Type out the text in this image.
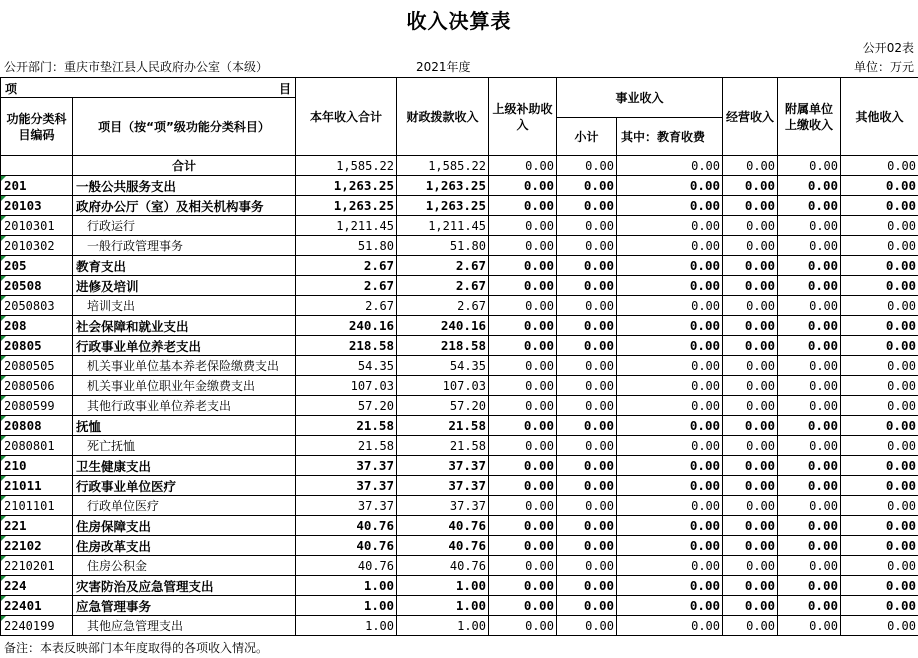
收入决算表
公开02表
公开部门：重庆市垫江县人民政府办公室（本级）	2021年度	单位：万元
项 目		本年收入合计	财政拨款收入	上级补助收入	事业收入		经营收入	附属单位上缴收入	其他收入
功能分类科目编码	项目（按“项”级功能分类科目）								
					小计	其中：教育收费			
	合计	1,585.22	1,585.22	0.00	0.00	0.00	0.00	0.00	0.00
201	一般公共服务支出	1,263.25	1,263.25	0.00	0.00	0.00	0.00	0.00	0.00
20103	政府办公厅（室）及相关机构事务	1,263.25	1,263.25	0.00	0.00	0.00	0.00	0.00	0.00
2010301	行政运行	1,211.45	1,211.45	0.00	0.00	0.00	0.00	0.00	0.00
2010302	一般行政管理事务	51.80	51.80	0.00	0.00	0.00	0.00	0.00	0.00
205	教育支出	2.67	2.67	0.00	0.00	0.00	0.00	0.00	0.00
20508	进修及培训	2.67	2.67	0.00	0.00	0.00	0.00	0.00	0.00
2050803	培训支出	2.67	2.67	0.00	0.00	0.00	0.00	0.00	0.00
208	社会保障和就业支出	240.16	240.16	0.00	0.00	0.00	0.00	0.00	0.00
20805	行政事业单位养老支出	218.58	218.58	0.00	0.00	0.00	0.00	0.00	0.00
2080505	机关事业单位基本养老保险缴费支出	54.35	54.35	0.00	0.00	0.00	0.00	0.00	0.00
2080506	机关事业单位职业年金缴费支出	107.03	107.03	0.00	0.00	0.00	0.00	0.00	0.00
2080599	其他行政事业单位养老支出	57.20	57.20	0.00	0.00	0.00	0.00	0.00	0.00
20808	抚恤	21.58	21.58	0.00	0.00	0.00	0.00	0.00	0.00
2080801	死亡抚恤	21.58	21.58	0.00	0.00	0.00	0.00	0.00	0.00
210	卫生健康支出	37.37	37.37	0.00	0.00	0.00	0.00	0.00	0.00
21011	行政事业单位医疗	37.37	37.37	0.00	0.00	0.00	0.00	0.00	0.00
2101101	行政单位医疗	37.37	37.37	0.00	0.00	0.00	0.00	0.00	0.00
221	住房保障支出	40.76	40.76	0.00	0.00	0.00	0.00	0.00	0.00
22102	住房改革支出	40.76	40.76	0.00	0.00	0.00	0.00	0.00	0.00
2210201	住房公积金	40.76	40.76	0.00	0.00	0.00	0.00	0.00	0.00
224	灾害防治及应急管理支出	1.00	1.00	0.00	0.00	0.00	0.00	0.00	0.00
22401	应急管理事务	1.00	1.00	0.00	0.00	0.00	0.00	0.00	0.00
2240199	其他应急管理支出	1.00	1.00	0.00	0.00	0.00	0.00	0.00	0.00
备注：本表反映部门本年度取得的各项收入情况。
